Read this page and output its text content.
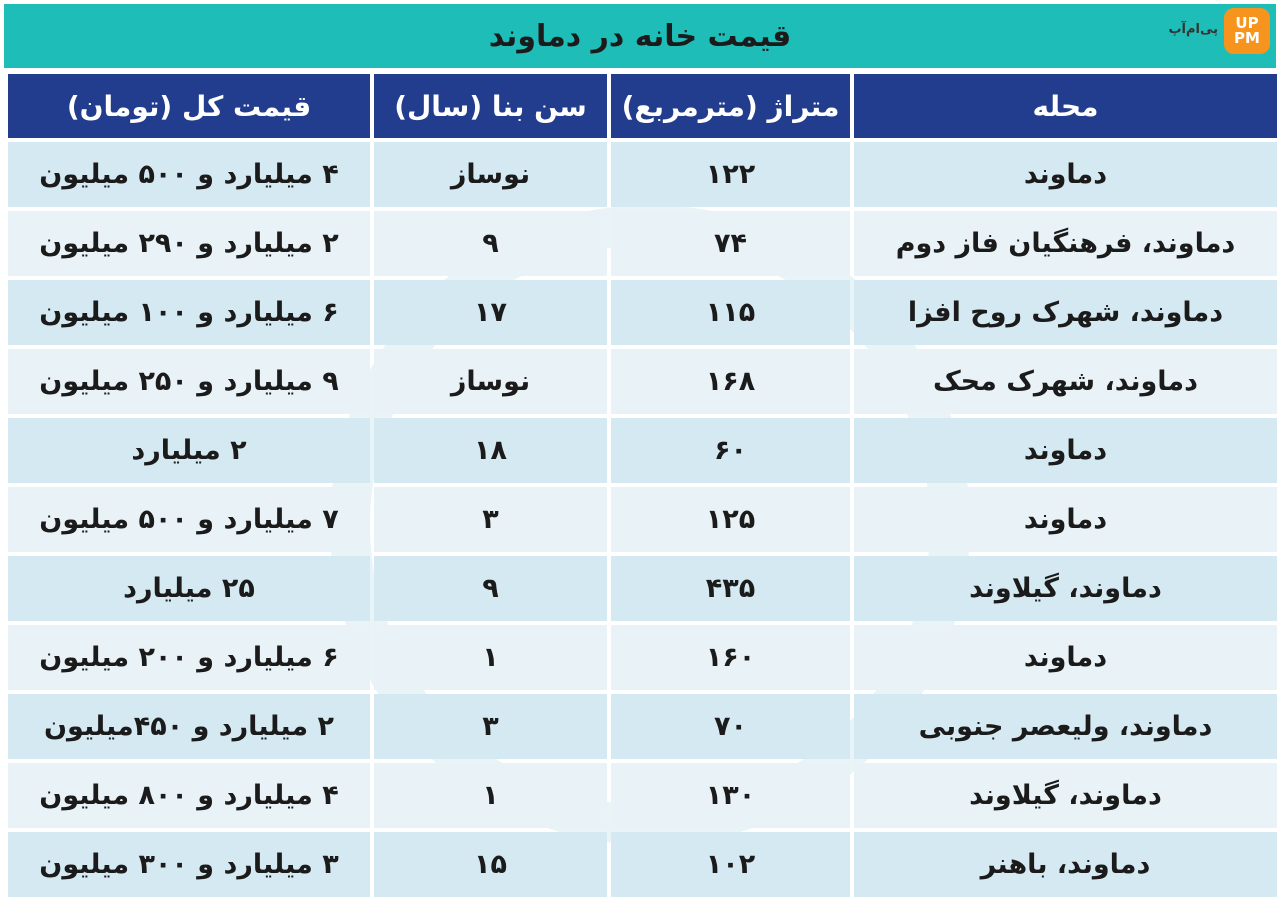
قیمت خانه در دماوند	UP
PM
پی‌ام‌آپ
محله	متراژ (مترمربع)	سن بنا (سال)	قیمت کل (تومان)
دماوند	۱۲۲	نوساز	۴ میلیارد و ۵۰۰ میلیون
دماوند، فرهنگیان فاز دوم	۷۴	۹	۲ میلیارد و ۲۹۰ میلیون
دماوند، شهرک روح افزا	۱۱۵	۱۷	۶ میلیارد و ۱۰۰ میلیون
دماوند، شهرک محک	۱۶۸	نوساز	۹ میلیارد و ۲۵۰ میلیون
دماوند	۶۰	۱۸	۲ میلیارد
دماوند	۱۲۵	۳	۷ میلیارد و ۵۰۰ میلیون
دماوند، گیلاوند	۴۳۵	۹	۲۵ میلیارد
دماوند	۱۶۰	۱	۶ میلیارد و ۲۰۰ میلیون
دماوند، ولیعصر جنوبی	۷۰	۳	۲ میلیارد و ۴۵۰میلیون
دماوند، گیلاوند	۱۳۰	۱	۴ میلیارد و ۸۰۰ میلیون
دماوند، باهنر	۱۰۲	۱۵	۳ میلیارد و ۳۰۰ میلیون
